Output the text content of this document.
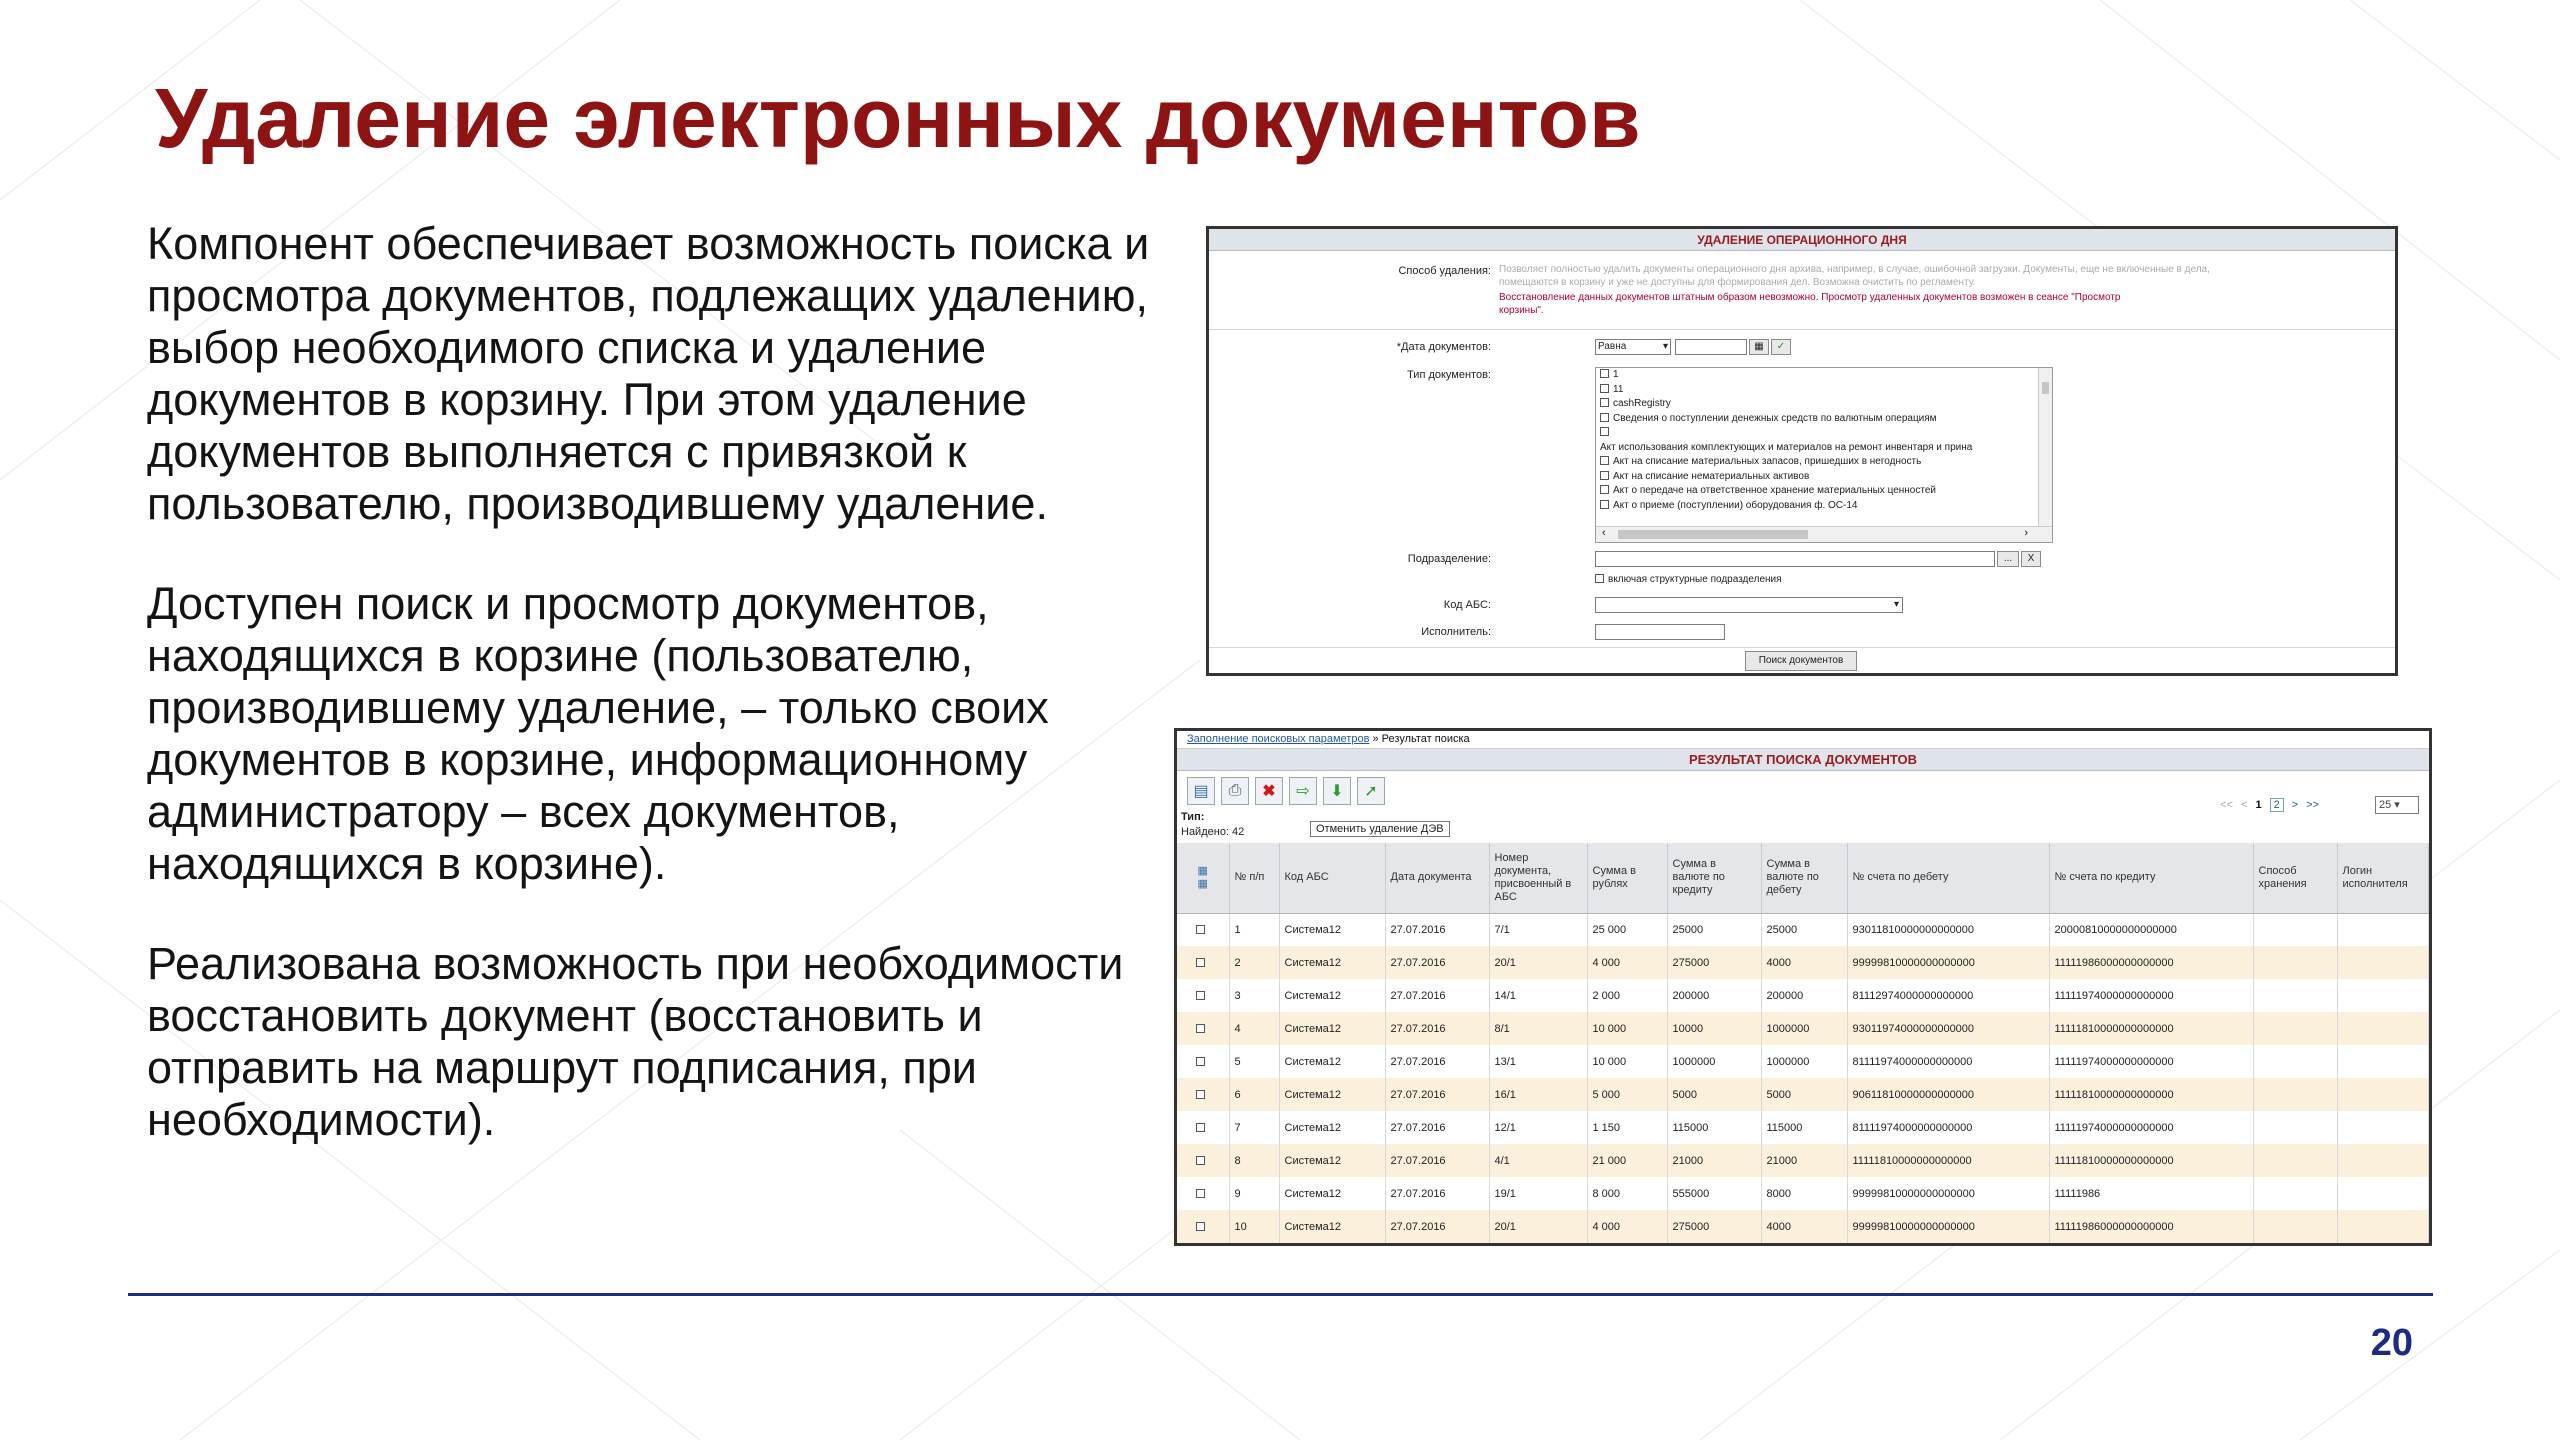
Удаление электронных документов

Компонент обеспечивает возможность поиска и просмотра документов, подлежащих удалению, выбор необходимого списка и удаление документов в корзину. При этом удаление документов выполняется с привязкой к пользователю, производившему удаление.

Доступен поиск и просмотр документов, находящихся в корзине (пользователю, производившему удаление, – только своих документов в корзине, информационному администратору – всех документов, находящихся в корзине).

Реализована возможность при необходимости восстановить документ (восстановить и отправить на маршрут подписания, при необходимости).

УДАЛЕНИЕ ОПЕРАЦИОННОГО ДНЯ
Способ удаления: Позволяет полностью удалить документы операционного дня архива, например, в случае, ошибочной загрузки. Документы, еще не включенные в дела,
помещаются в корзину и уже не доступны для формирования дел. Возможна очистить по регламенту.
Восстановление данных документов штатным образом невозможно. Просмотр удаленных документов возможен в сеансе "Просмотр
корзины".
*Дата документов:	Равна	▾	▦	✓
Тип документов:	1
11
cashRegistry
Сведения о поступлении денежных средств по валютным операциям
Акт использования комплектующих и материалов на ремонт инвентаря и прина
Акт на списание материальных запасов, пришедших в негодность
Акт на списание нематериальных активов
Акт о передаче на ответственное хранение материальных ценностей
Акт о приеме (поступлении) оборудования ф. ОС-14
‹	›
Подразделение:	...	X
включая структурные подразделения
Код АБС:	▾
Исполнитель:
Поиск документов
Заполнение поисковых параметров » Результат поиска
РЕЗУЛЬТАТ ПОИСКА ДОКУМЕНТОВ
▤	⎙	✖	⇨	⬇	➚
Отменить удаление ДЭВ
Тип:
Найдено: 42
<< < 1	2	> >>	25 ▾
▦
▦	№ п/п	Код АБС	Дата документа	Номер документа, присвоенный в АБС	Сумма в рублях	Сумма в валюте по кредиту	Сумма в валюте по дебету	№ счета по дебету	№ счета по кредиту	Способ хранения	Логин исполнителя
	1	Система12	27.07.2016	7/1	25 000	25000	25000	93011810000000000000	20000810000000000000		
	2	Система12	27.07.2016	20/1	4 000	275000	4000	99999810000000000000	11111986000000000000		
	3	Система12	27.07.2016	14/1	2 000	200000	200000	81112974000000000000	11111974000000000000		
	4	Система12	27.07.2016	8/1	10 000	10000	1000000	93011974000000000000	11111810000000000000		
	5	Система12	27.07.2016	13/1	10 000	1000000	1000000	81111974000000000000	11111974000000000000		
	6	Система12	27.07.2016	16/1	5 000	5000	5000	90611810000000000000	11111810000000000000		
	7	Система12	27.07.2016	12/1	1 150	115000	115000	81111974000000000000	11111974000000000000		
	8	Система12	27.07.2016	4/1	21 000	21000	21000	11111810000000000000	11111810000000000000		
	9	Система12	27.07.2016	19/1	8 000	555000	8000	99999810000000000000	11111986		
	10	Система12	27.07.2016	20/1	4 000	275000	4000	99999810000000000000	11111986000000000000		
20
